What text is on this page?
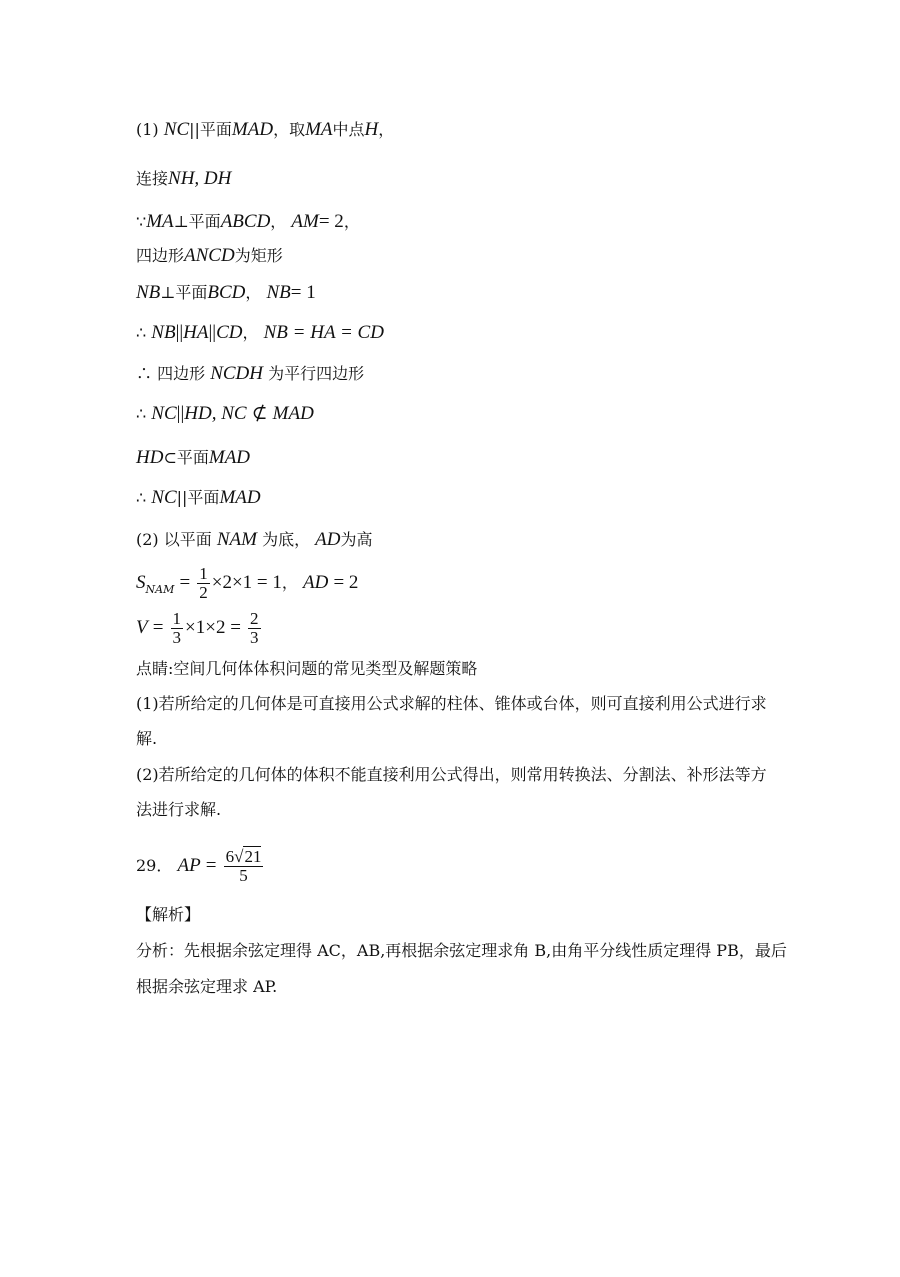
(1) NC||平面MAD，取MA中点H，
连接NH, DH
∵MA⊥平面ABCD， AM= 2，
四边形ANCD为矩形
NB⊥平面BCD， NB= 1
∴ NB||HA||CD， NB = HA = CD
∴ 四边形 NCDH 为平行四边形
∴ NC||HD, NC ⊄ MAD
HD⊂平面MAD
∴ NC||平面MAD
(2) 以平面 NAM 为底， AD为高
$S_{NAM} = \frac{1}{2} \times 2\times 1 = 1$， AD = 2
$V = \frac{1}{3} \times 1\times 2 = \frac{2}{3}$
点睛:空间几何体体积问题的常见类型及解题策略
(1)若所给定的几何体是可直接用公式求解的柱体、锥体或台体，则可直接利用公式进行求
解.
(2)若所给定的几何体的体积不能直接利用公式得出，则常用转换法、分割法、补形法等方
法进行求解.
29． AP = $\frac{6√21}{5}$
【解析】
分析：先根据余弦定理得 AC，AB,再根据余弦定理求角 B,由角平分线性质定理得 PB，最后
根据余弦定理求 AP.
